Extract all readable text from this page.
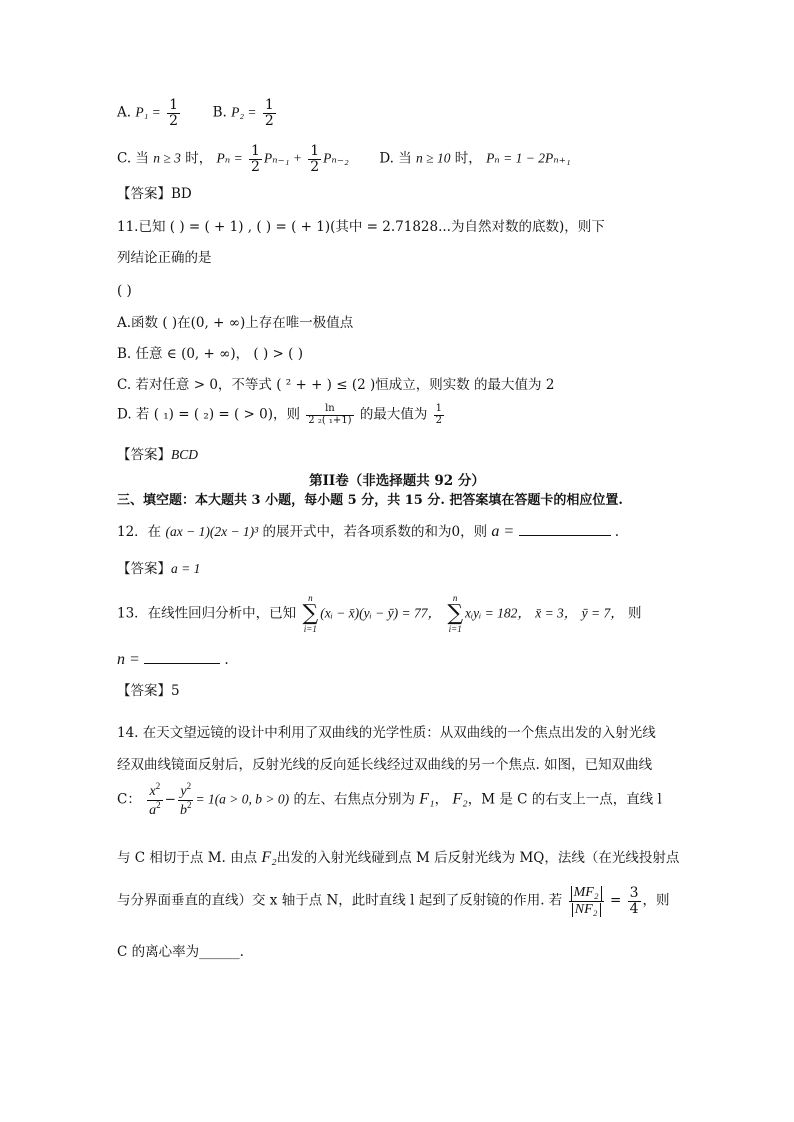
A. $P_1 = \frac{1}{2} B$. $P_2 = \frac{1}{2}$
C. 当 n ≥ 3 时， $P_n = \frac{1}{2} P_{n-1} + \frac{1}{2} P_{n-2}$ D. 当 n ≥ 10 时， Pₙ = 1 − 2Pₙ₊₁
【答案】BD
11.已知 ( ) = ( + 1) , ( ) = ( + 1)(其中 = 2.71828...为自然对数的底数)，则下
列结论正确的是
( )
A.函数 ( )在(0, + ∞)上存在唯一极值点
B. 任意 ∈ (0, + ∞)， ( ) > ( )
C. 若对任意 > 0，不等式 ( ² + + ) ≤ (2 )恒成立，则实数 的最大值为 2
D. 若 ( ₁) = ( ₂) = ( > 0)，则 $\frac{\ln}{\text{2 ₂( ₁+1)}}$ 的最大值为 $\frac{1}{2}$
【答案】BCD
第II卷（非选择题共 92 分）
三、填空题：本大题共 3 小题，每小题 5 分，共 15 分. 把答案填在答题卡的相应位置.
12．在 (ax − 1)(2x − 1)³ 的展开式中，若各项系数的和为0，则 a =	.
【答案】a = 1
13．在线性回归分析中，已知
n
∑
i=1
(xᵢ − x̄)(yᵢ − ȳ) = 77，
n
∑
i=1
xᵢyᵢ = 182， x̄ = 3， ȳ = 7， 则
n =	.
【答案】5
14. 在天文望远镜的设计中利用了双曲线的光学性质：从双曲线的一个焦点出发的入射光线
经双曲线镜面反射后，反射光线的反向延长线经过双曲线的另一个焦点. 如图，已知双曲线
C： $\frac{x^2}{a^2} - \frac{y^2}{b^2} = 1(a > 0$, b > 0) 的左、右焦点分别为 F₁， F₂，M 是 C 的右支上一点，直线 l
与 C 相切于点 M. 由点 F₂出发的入射光线碰到点 M 后反射光线为 MQ，法线（在光线投射点
与分界面垂直的直线）交 x 轴于点 N，此时直线 l 起到了反射镜的作用. 若 $\frac{\text{MF₂}}{\text{NF₂}} = \frac{3}{4}$ ，则
C 的离心率为______.
